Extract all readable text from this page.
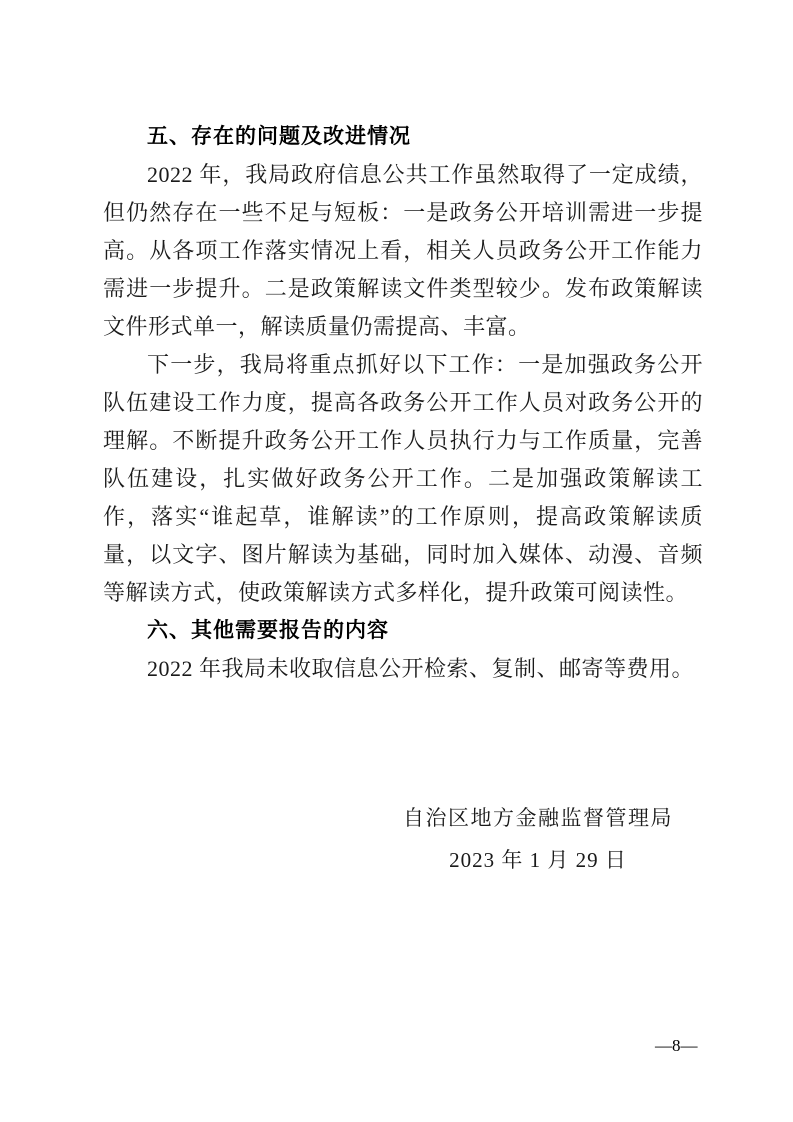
五、存在的问题及改进情况

2022 年，我局政府信息公共工作虽然取得了一定成绩，但仍然存在一些不足与短板：一是政务公开培训需进一步提高。从各项工作落实情况上看，相关人员政务公开工作能力需进一步提升。二是政策解读文件类型较少。发布政策解读文件形式单一，解读质量仍需提高、丰富。

下一步，我局将重点抓好以下工作：一是加强政务公开队伍建设工作力度，提高各政务公开工作人员对政务公开的理解。不断提升政务公开工作人员执行力与工作质量，完善队伍建设，扎实做好政务公开工作。二是加强政策解读工作，落实“谁起草，谁解读”的工作原则，提高政策解读质量，以文字、图片解读为基础，同时加入媒体、动漫、音频等解读方式，使政策解读方式多样化，提升政策可阅读性。

六、其他需要报告的内容

2022 年我局未收取信息公开检索、复制、邮寄等费用。

自治区地方金融监督管理局
2023 年 1 月 29 日
—8—
